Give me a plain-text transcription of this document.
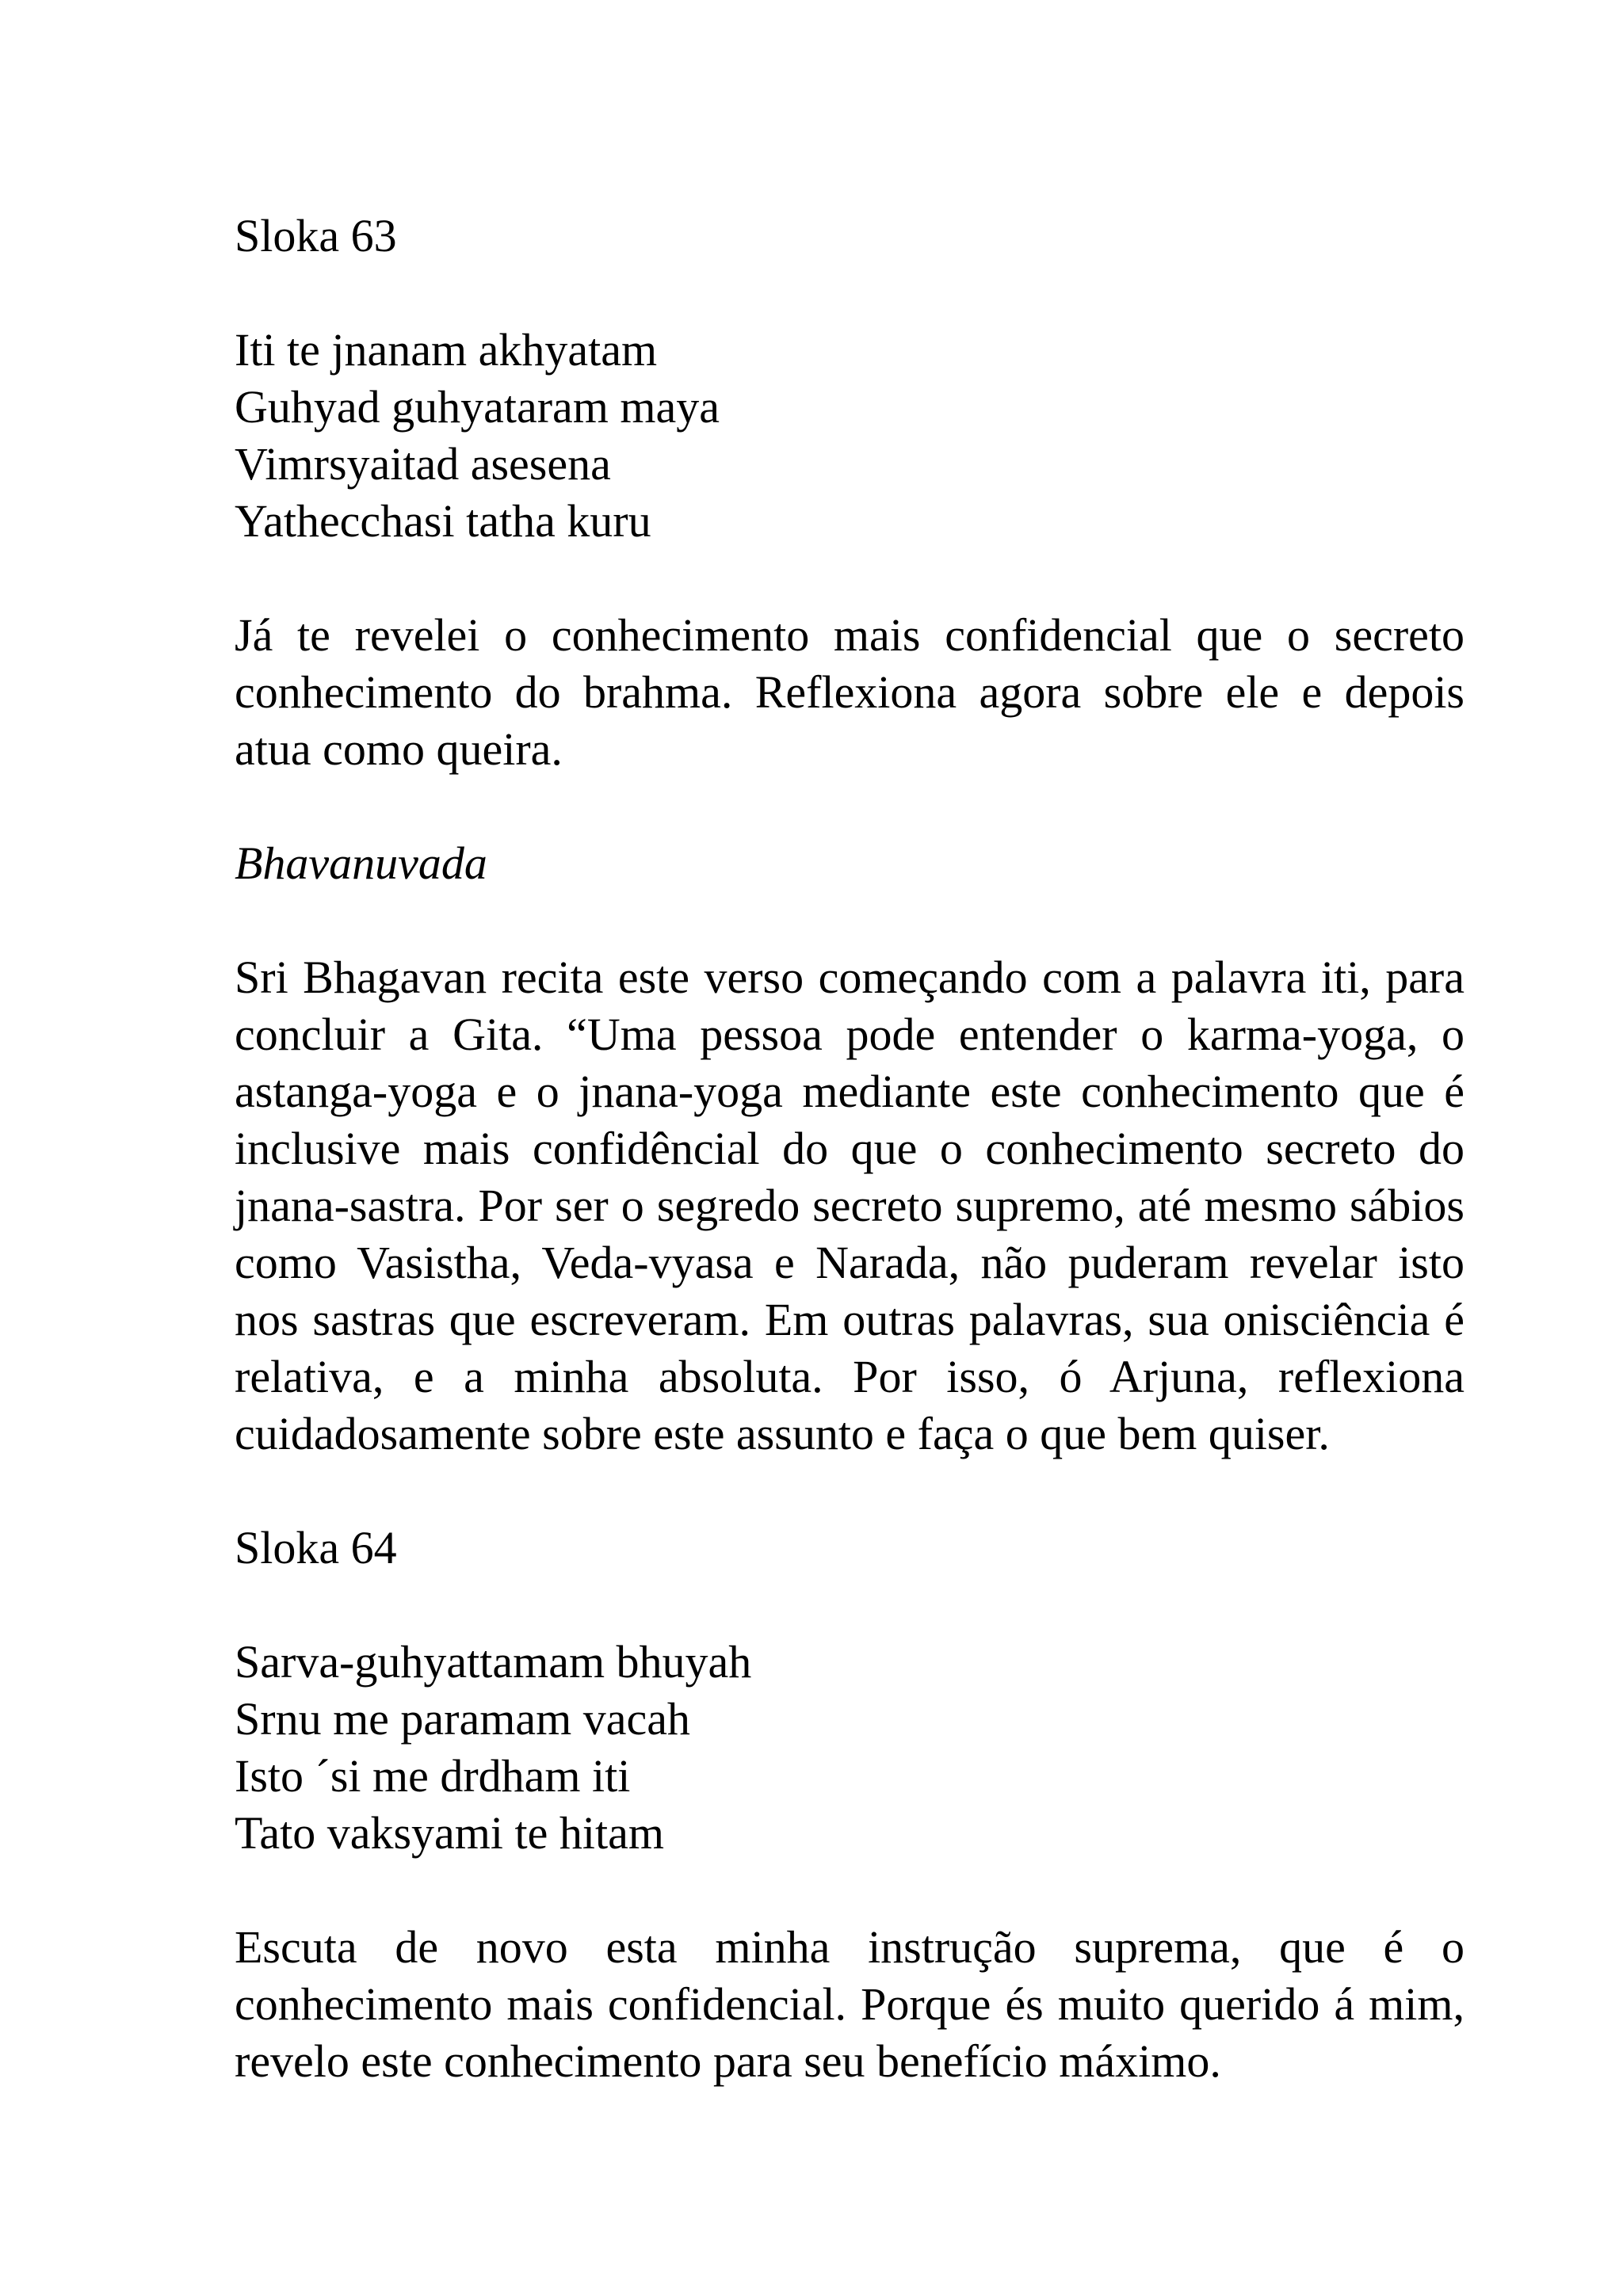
Sloka 63
Iti te jnanam akhyatam
Guhyad guhyataram maya
Vimrsyaitad asesena
Yathecchasi tatha kuru

Já te revelei o conhecimento mais confidencial que o secreto conhecimento do brahma. Reflexiona agora sobre ele e depois atua como queira.

Bhavanuvada

Sri Bhagavan recita este verso começando com a palavra iti, para concluir a Gita. “Uma pessoa pode entender o karma-yoga, o astanga-yoga e o jnana-yoga mediante este conhecimento que é inclusive mais confidêncial do que o conhecimento secreto do jnana-sastra. Por ser o segredo secreto supremo, até mesmo sábios como Vasistha, Veda-vyasa e Narada, não puderam revelar isto nos sastras que escreveram. Em outras palavras, sua onisciência é relativa, e a minha absoluta. Por isso, ó Arjuna, reflexiona cuidadosamente sobre este assunto e faça o que bem quiser.

Sloka 64
Sarva-guhyattamam bhuyah
Srnu me paramam vacah
Isto ´si me drdham iti
Tato vaksyami te hitam

Escuta de novo esta minha instrução suprema, que é o conhecimento mais confidencial. Porque és muito querido á mim, revelo este conhecimento para seu benefício máximo.
